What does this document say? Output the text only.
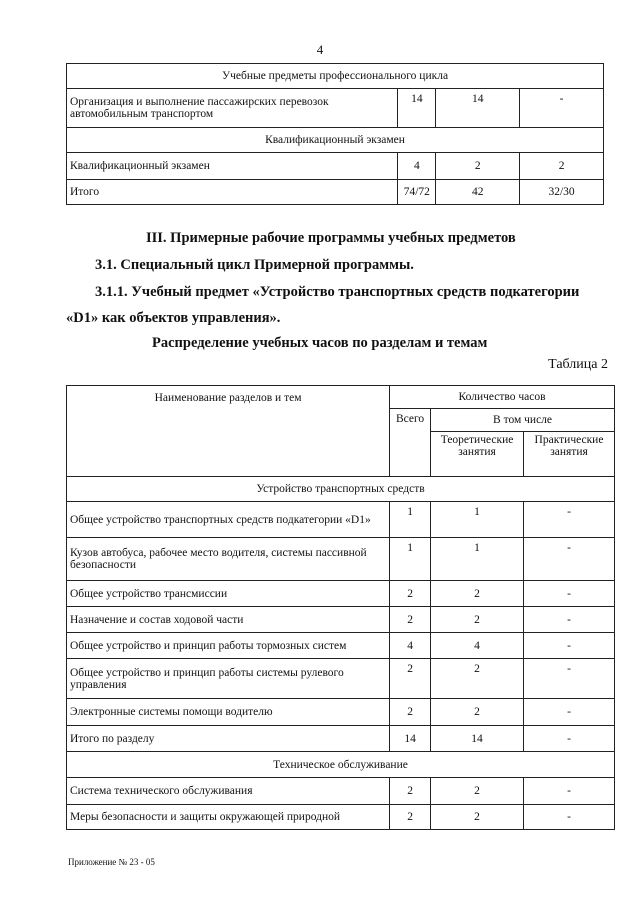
4
Учебные предметы профессионального цикла			
Организация и выполнение пассажирских перевозок автомобильным транспортом	14	14	-
Квалификационный экзамен			
Квалификационный экзамен	4	2	2
Итого	74/72	42	32/30
III. Примерные рабочие программы учебных предметов
3.1. Специальный цикл Примерной программы.
3.1.1. Учебный предмет «Устройство транспортных средств подкатегории
«D1» как объектов управления».
Распределение учебных часов по разделам и темам
Таблица 2
Наименование разделов и тем	Количество часов		
	Всего	В том числе	
		Теоретические занятия	Практические занятия
Устройство транспортных средств			
Общее устройство транспортных средств подкатегории «D1»	1	1	-
Кузов автобуса, рабочее место водителя, системы пассивной безопасности	1	1	-
Общее устройство трансмиссии	2	2	-
Назначение и состав ходовой части	2	2	-
Общее устройство и принцип работы тормозных систем	4	4	-
Общее устройство и принцип работы системы рулевого управления	2	2	-
Электронные системы помощи водителю	2	2	-
Итого по разделу	14	14	-
Техническое обслуживание			
Система технического обслуживания	2	2	-
Меры безопасности и защиты окружающей природной	2	2	-
Приложение № 23 - 05
